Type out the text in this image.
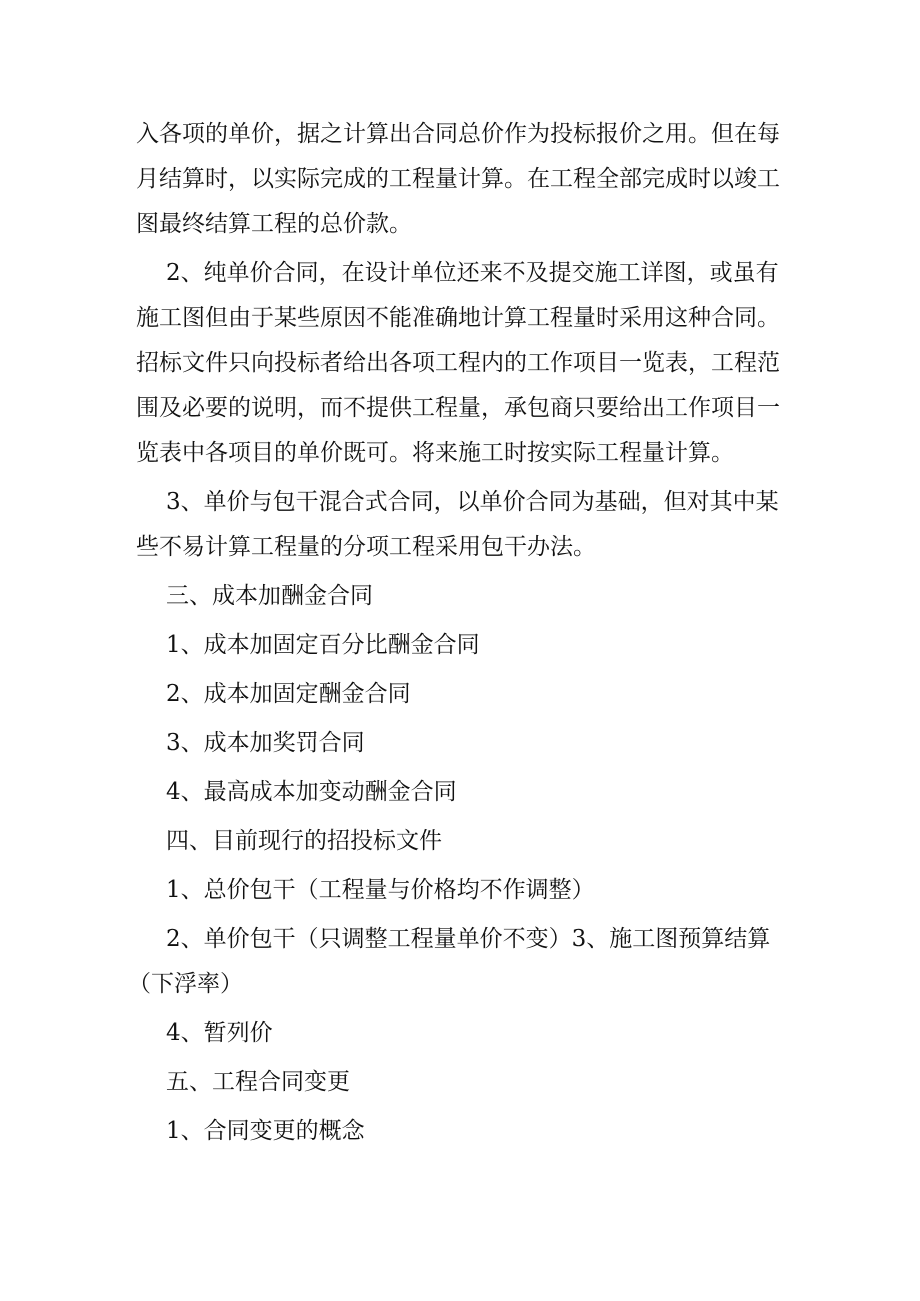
入各项的单价，据之计算出合同总价作为投标报价之用。但在每
月结算时，以实际完成的工程量计算。在工程全部完成时以竣工
图最终结算工程的总价款。

2、纯单价合同，在设计单位还来不及提交施工详图，或虽有
施工图但由于某些原因不能准确地计算工程量时采用这种合同。
招标文件只向投标者给出各项工程内的工作项目一览表，工程范
围及必要的说明，而不提供工程量，承包商只要给出工作项目一
览表中各项目的单价既可。将来施工时按实际工程量计算。

3、单价与包干混合式合同，以单价合同为基础，但对其中某
些不易计算工程量的分项工程采用包干办法。

三、成本加酬金合同

1、成本加固定百分比酬金合同

2、成本加固定酬金合同

3、成本加奖罚合同

4、最高成本加变动酬金合同

四、目前现行的招投标文件

1、总价包干（工程量与价格均不作调整）

2、单价包干（只调整工程量单价不变）3、施工图预算结算
（下浮率）

4、暂列价

五、工程合同变更

1、合同变更的概念
